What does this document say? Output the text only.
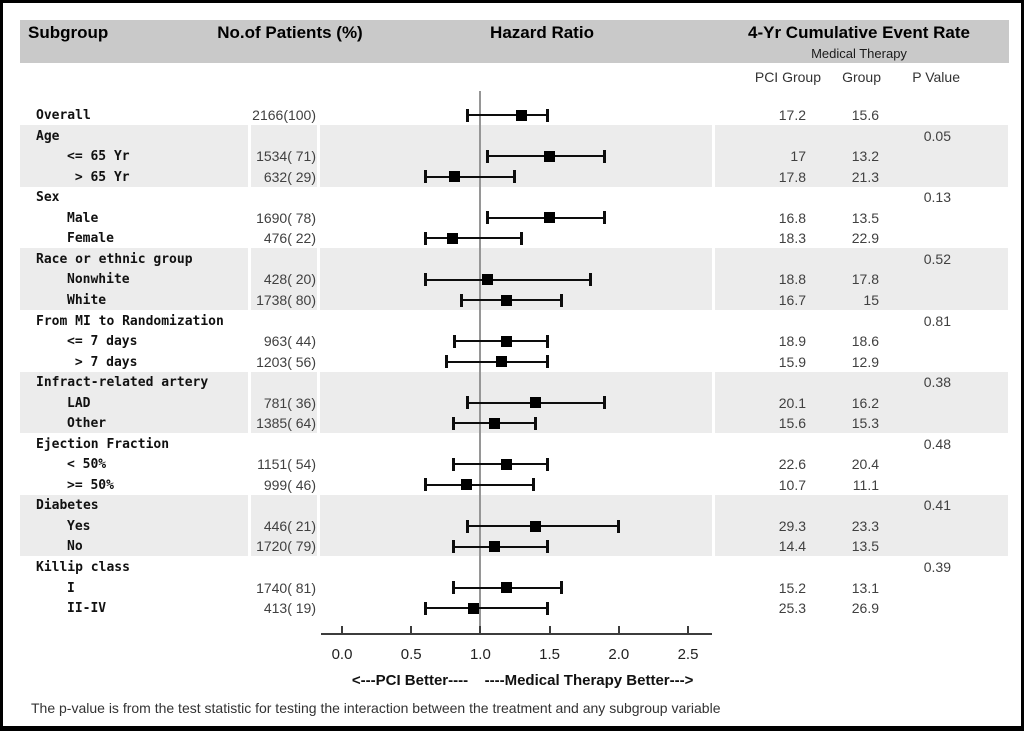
Subgroup	No.of Patients (%)	Hazard Ratio	4-Yr Cumulative Event Rate
Medical Therapy
PCI Group	Group	P Value
Overall	2166(100)	17.2	15.6
Age	0.05
<= 65 Yr	1534( 71)	17	13.2
> 65 Yr	632( 29)	17.8	21.3
Sex	0.13
Male	1690( 78)	16.8	13.5
Female	476( 22)	18.3	22.9
Race or ethnic group	0.52
Nonwhite	428( 20)	18.8	17.8
White	1738( 80)	16.7	15
From MI to Randomization	0.81
<= 7 days	963( 44)	18.9	18.6
> 7 days	1203( 56)	15.9	12.9
Infract-related artery	0.38
LAD	781( 36)	20.1	16.2
Other	1385( 64)	15.6	15.3
Ejection Fraction	0.48
< 50%	1151( 54)	22.6	20.4
>= 50%	999( 46)	10.7	11.1
Diabetes	0.41
Yes	446( 21)	29.3	23.3
No	1720( 79)	14.4	13.5
Killip class	0.39
I	1740( 81)	15.2	13.1
II-IV	413( 19)	25.3	26.9
0.0	0.5	1.0	1.5	2.0	2.5
<---PCI Better---- ----Medical Therapy Better--->
The p-value is from the test statistic for testing the interaction between the treatment and any subgroup variable
